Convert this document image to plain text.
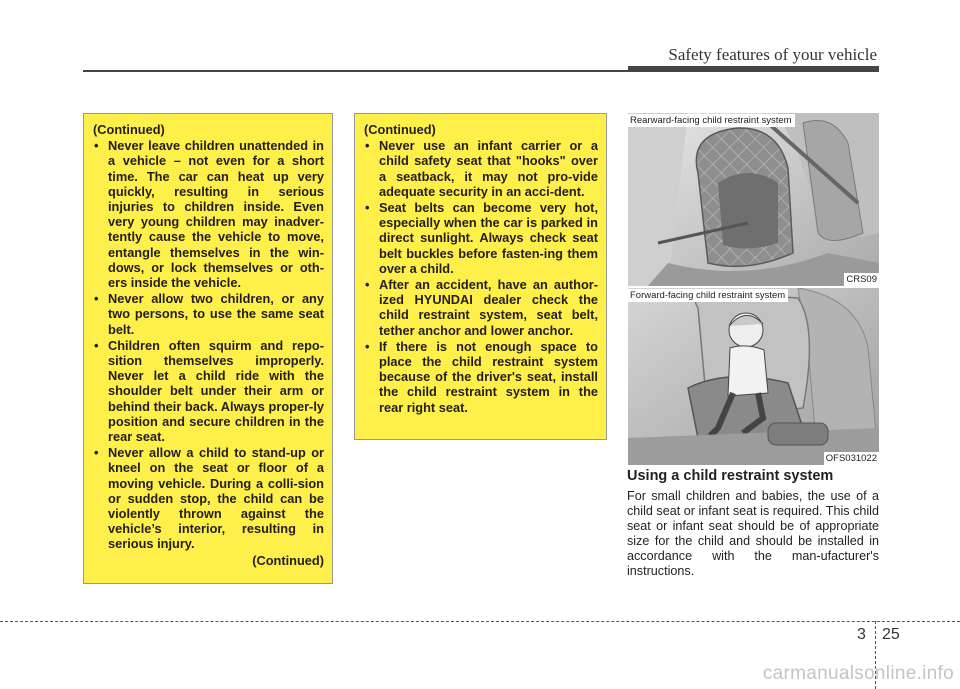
Safety features of your vehicle
(Continued)
• Never leave children unattended in a vehicle – not even for a short time. The car can heat up very quickly, resulting in serious injuries to children inside. Even very young children may inadver-tently cause the vehicle to move, entangle themselves in the win-dows, or lock themselves or oth-ers inside the vehicle.
• Never allow two children, or any two persons, to use the same seat belt.
• Children often squirm and repo-sition themselves improperly. Never let a child ride with the shoulder belt under their arm or behind their back. Always proper-ly position and secure children in the rear seat.
• Never allow a child to stand-up or kneel on the seat or floor of a moving vehicle. During a colli-sion or sudden stop, the child can be violently thrown against the vehicle’s interior, resulting in serious injury.
(Continued)
(Continued)
• Never use an infant carrier or a child safety seat that "hooks" over a seatback, it may not pro-vide adequate security in an acci-dent.
• Seat belts can become very hot, especially when the car is parked in direct sunlight. Always check seat belt buckles before fasten-ing them over a child.
• After an accident, have an author-ized HYUNDAI dealer check the child restraint system, seat belt, tether anchor and lower anchor.
• If there is not enough space to place the child restraint system because of the driver's seat, install the child restraint system in the rear right seat.
Rearward-facing child restraint system
CRS09
Forward-facing child restraint system
OFS031022
Using a child restraint system
For small children and babies, the use of a child seat or infant seat is required. This child seat or infant seat should be of appropriate size for the child and should be installed in accordance with the man-ufacturer's instructions.
3 25
carmanualsonline.info
